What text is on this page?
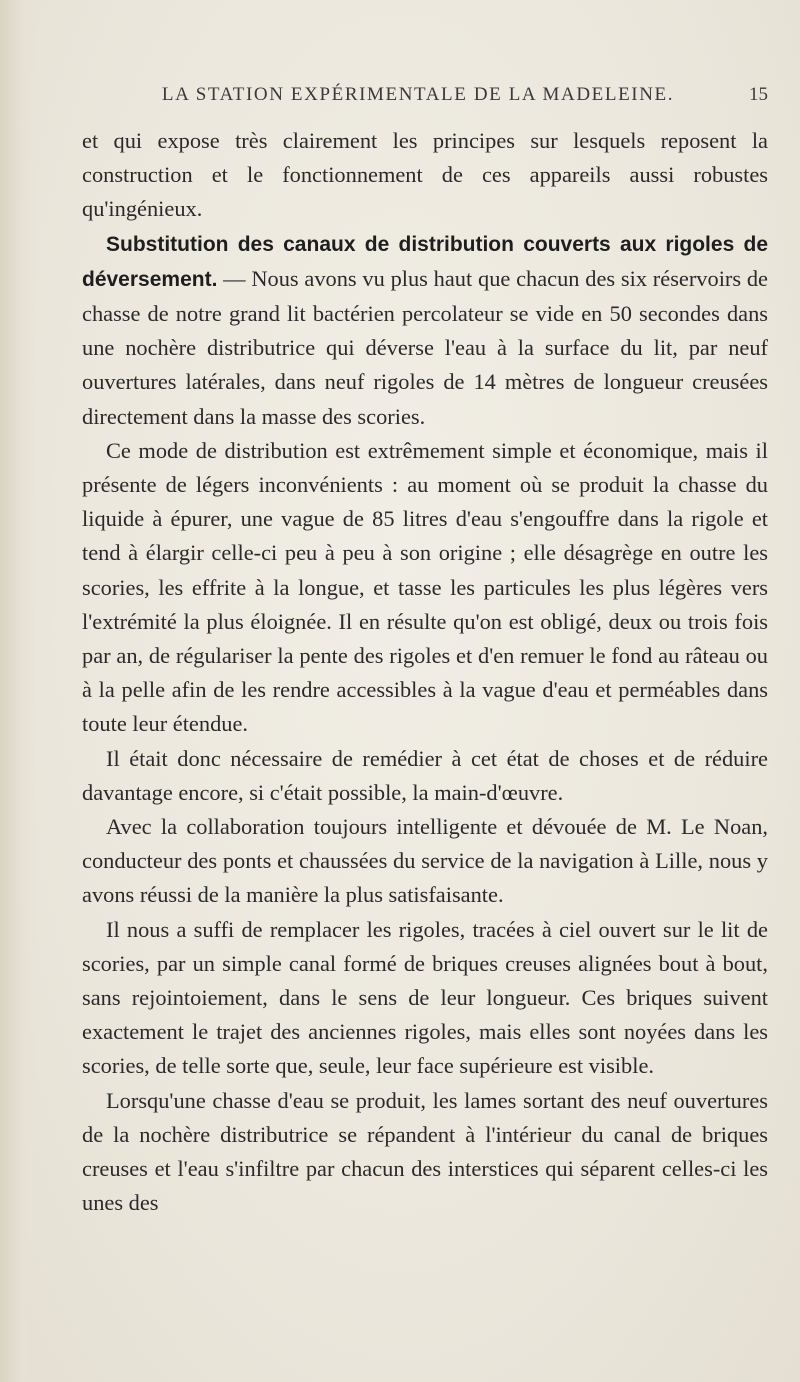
LA STATION EXPÉRIMENTALE DE LA MADELEINE.	15

et qui expose très clairement les principes sur lesquels reposent la construction et le fonctionnement de ces appareils aussi robustes qu'ingénieux.

Substitution des canaux de distribution couverts aux rigoles de déversement. — Nous avons vu plus haut que chacun des six réservoirs de chasse de notre grand lit bactérien percolateur se vide en 50 secondes dans une nochère distributrice qui déverse l'eau à la surface du lit, par neuf ouvertures latérales, dans neuf rigoles de 14 mètres de longueur creusées directement dans la masse des scories.

Ce mode de distribution est extrêmement simple et économique, mais il présente de légers inconvénients : au moment où se produit la chasse du liquide à épurer, une vague de 85 litres d'eau s'engouffre dans la rigole et tend à élargir celle-ci peu à peu à son origine ; elle désagrège en outre les scories, les effrite à la longue, et tasse les particules les plus légères vers l'extrémité la plus éloignée. Il en résulte qu'on est obligé, deux ou trois fois par an, de régulariser la pente des rigoles et d'en remuer le fond au râteau ou à la pelle afin de les rendre accessibles à la vague d'eau et perméables dans toute leur étendue.

Il était donc nécessaire de remédier à cet état de choses et de réduire davantage encore, si c'était possible, la main-d'œuvre.

Avec la collaboration toujours intelligente et dévouée de M. Le Noan, conducteur des ponts et chaussées du service de la navigation à Lille, nous y avons réussi de la manière la plus satisfaisante.

Il nous a suffi de remplacer les rigoles, tracées à ciel ouvert sur le lit de scories, par un simple canal formé de briques creuses alignées bout à bout, sans rejointoiement, dans le sens de leur longueur. Ces briques suivent exactement le trajet des anciennes rigoles, mais elles sont noyées dans les scories, de telle sorte que, seule, leur face supérieure est visible.

Lorsqu'une chasse d'eau se produit, les lames sortant des neuf ouvertures de la nochère distributrice se répandent à l'intérieur du canal de briques creuses et l'eau s'infiltre par chacun des interstices qui séparent celles-ci les unes des
